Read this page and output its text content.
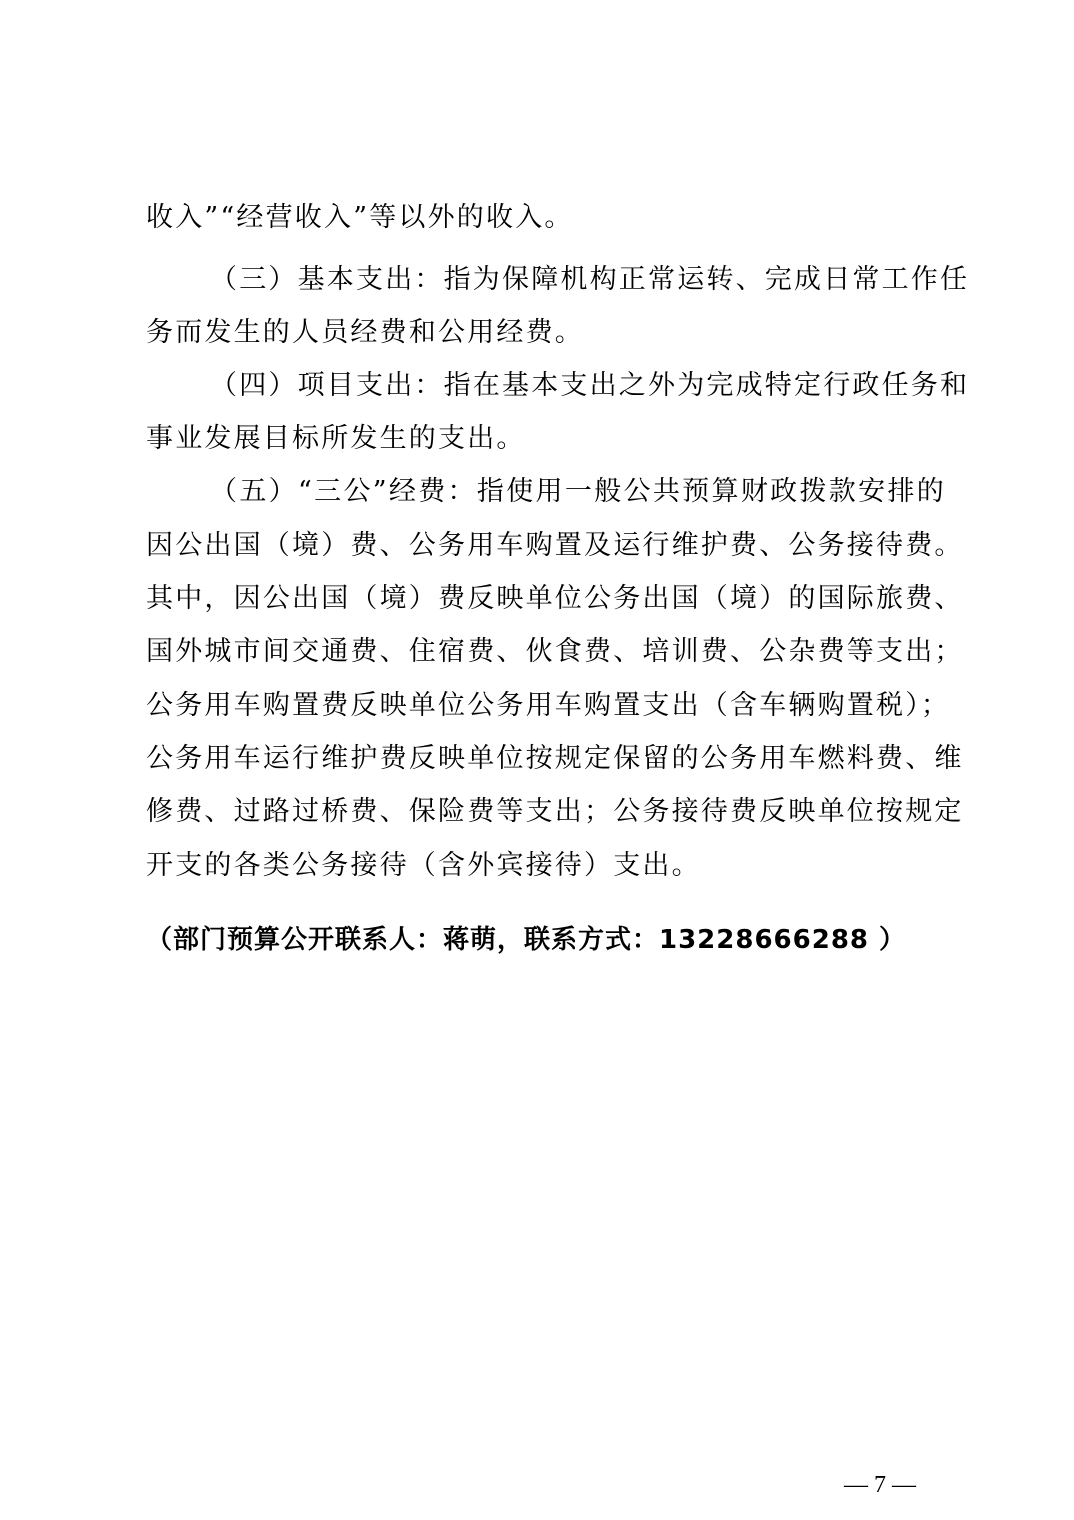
收入”“经营收入”等以外的收入。
（三）基本支出：指为保障机构正常运转、完成日常工作任
务而发生的人员经费和公用经费。
（四）项目支出：指在基本支出之外为完成特定行政任务和
事业发展目标所发生的支出。
（五）“三公”经费：指使用一般公共预算财政拨款安排的
因公出国（境）费、公务用车购置及运行维护费、公务接待费。
其中，因公出国（境）费反映单位公务出国（境）的国际旅费、
国外城市间交通费、住宿费、伙食费、培训费、公杂费等支出；
公务用车购置费反映单位公务用车购置支出（含车辆购置税）；
公务用车运行维护费反映单位按规定保留的公务用车燃料费、维
修费、过路过桥费、保险费等支出；公务接待费反映单位按规定
开支的各类公务接待（含外宾接待）支出。
（部门预算公开联系人：蒋萌，联系方式：13228666288 ）
— 7 —
